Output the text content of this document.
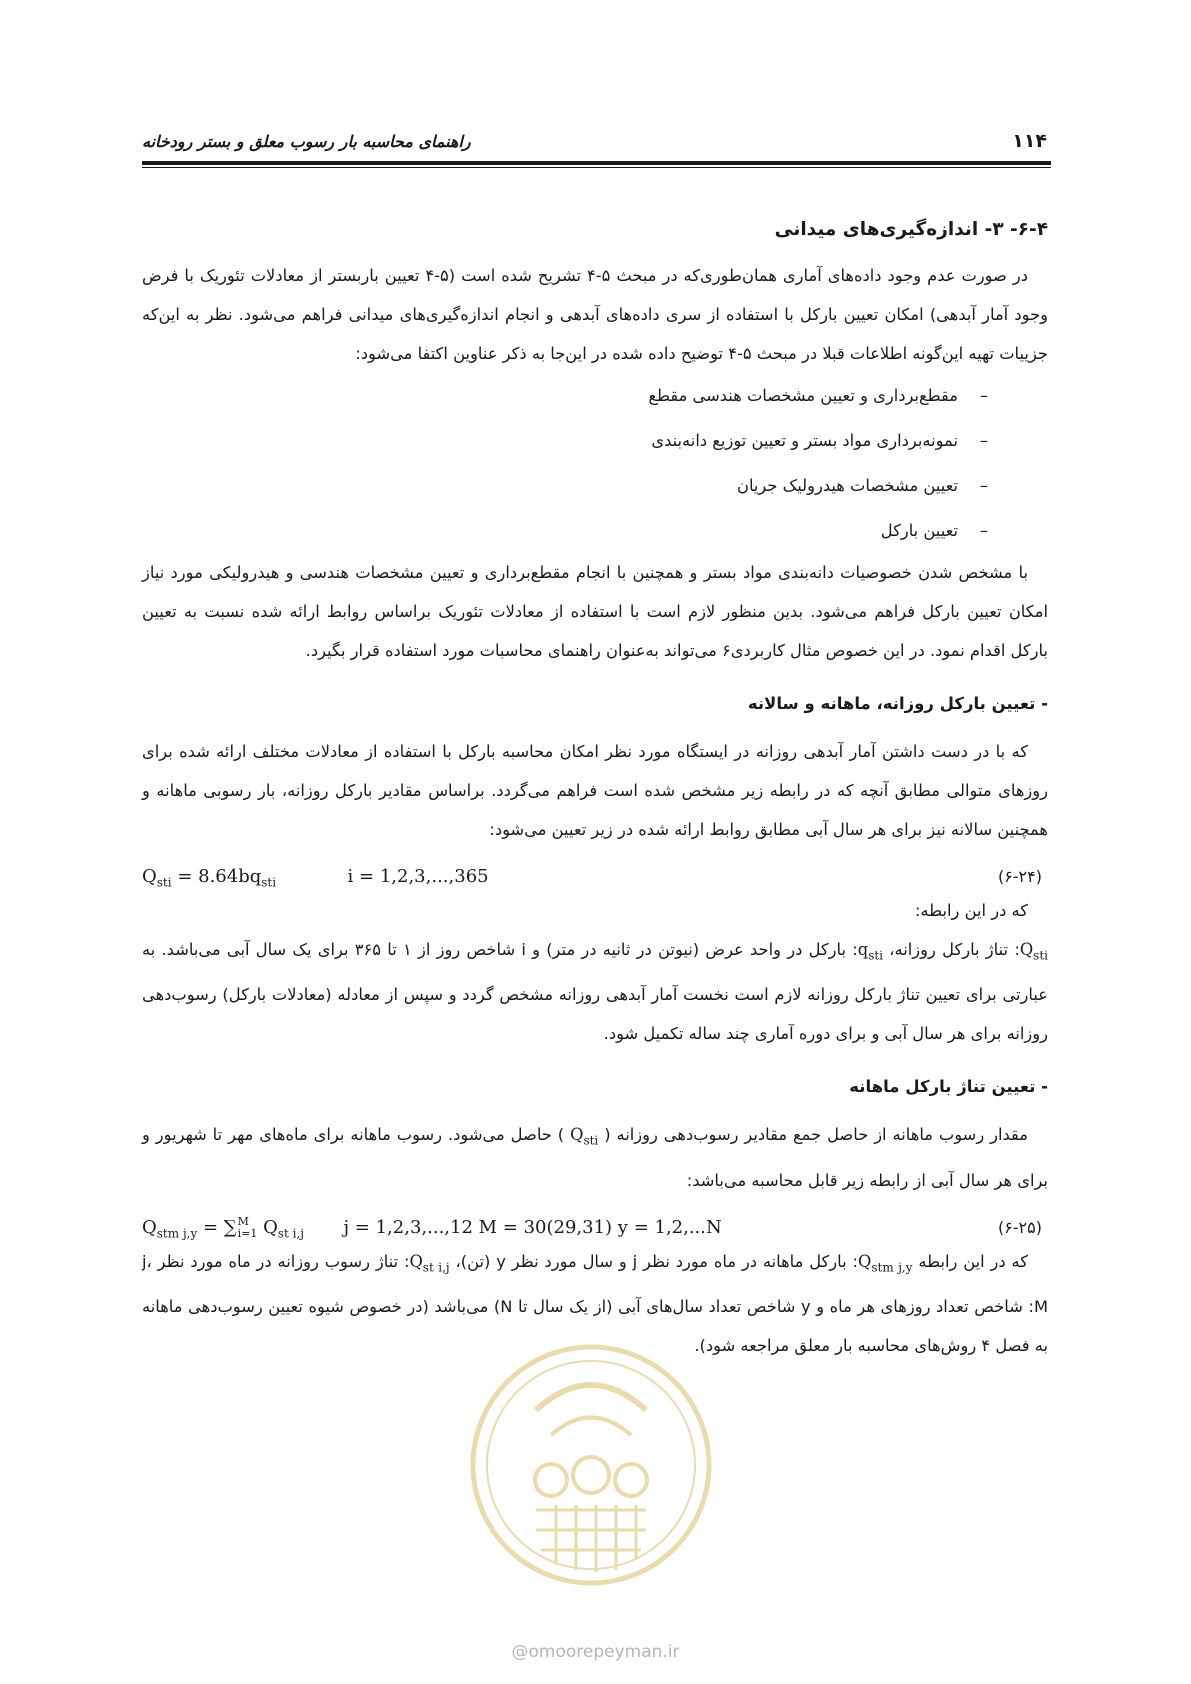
۱۱۴
راهنمای محاسبه بار رسوب معلق و بستر رودخانه
۶-۴- ۳- اندازه‌گیری‌های میدانی

در صورت عدم وجود داده‌های آماری همان‌طوری‌که در مبحث ۵-۴ تشریح شده است (۵-۴ تعیین باربستر از معادلات تئوریک با فرض وجود آمار آبدهی) امکان تعیین بارکل با استفاده از سری داده‌های آبدهی و انجام اندازه‌گیری‌های میدانی فراهم می‌شود. نظر به این‌که جزییات تهیه این‌گونه اطلاعات قبلا در مبحث ۵-۴ توضیح داده شده در این‌جا به ذکر عناوین اکتفا می‌شود:

–مقطع‌برداری و تعیین مشخصات هندسی مقطع
–نمونه‌برداری مواد بستر و تعیین توزیع دانه‌بندی
–تعیین مشخصات هیدرولیک جریان
–تعیین بارکل

با مشخص شدن خصوصیات دانه‌بندی مواد بستر و همچنین با انجام مقطع‌برداری و تعیین مشخصات هندسی و هیدرولیکی مورد نیاز امکان تعیین بارکل فراهم می‌شود. بدین منظور لازم است با استفاده از معادلات تئوریک براساس روابط ارائه شده نسبت به تعیین بارکل اقدام نمود. در این خصوص مثال کاربردی۶ می‌تواند به‌عنوان راهنمای محاسبات مورد استفاده قرار بگیرد.

- تعیین بارکل روزانه، ماهانه و سالانه

که با در دست داشتن آمار آبدهی روزانه در ایستگاه مورد نظر امکان محاسبه بارکل با استفاده از معادلات مختلف ارائه شده برای روزهای متوالی مطابق آنچه که در رابطه زیر مشخص شده است فراهم می‌گردد. براساس مقادیر بارکل روزانه، بار رسوبی ماهانه و همچنین سالانه نیز برای هر سال آبی مطابق روابط ارائه شده در زیر تعیین می‌شود:

$Q_{sti} = 8.64bq_{sti}$	i = 1,2,3,...,365	(۶-۲۴)

که در این رابطه:

$Q_{sti}$: تناژ بارکل روزانه، $q_{sti}$: بارکل در واحد عرض (نیوتن در ثانیه در متر) و i شاخص روز از ۱ تا ۳۶۵ برای یک سال آبی می‌باشد. به عبارتی برای تعیین تناژ بارکل روزانه لازم است نخست آمار آبدهی روزانه مشخص گردد و سپس از معادله (معادلات بارکل) رسوب‌دهی روزانه برای هر سال آبی و برای دوره آماری چند ساله تکمیل شود.

- تعیین تناژ بارکل ماهانه

مقدار رسوب ماهانه از حاصل جمع مقادیر رسوب‌دهی روزانه ( $Q_{sti}$ ) حاصل می‌شود. رسوب ماهانه برای ماه‌های مهر تا شهریور و برای هر سال آبی از رابطه زیر قابل محاسبه می‌باشد:

$Q_{stm j,y}$ = ∑ M
i=1 $Q_{st i,j}$ j = 1,2,3,...,12 M = 30(29,31) y = 1,2,...N	(۶-۲۵)

که در این رابطه $Q_{stm j,y}$: بارکل ماهانه در ماه مورد نظر j و سال مورد نظر y (تن)، $Q_{st i,j}$: تناژ رسوب روزانه در ماه مورد نظر j، M: شاخص تعداد روزهای هر ماه و y شاخص تعداد سال‌های آبی (از یک سال تا N) می‌باشد (در خصوص شیوه تعیین رسوب‌دهی ماهانه به فصل ۴ روش‌های محاسبه بار معلق مراجعه شود).

@omoorepeyman.ir
